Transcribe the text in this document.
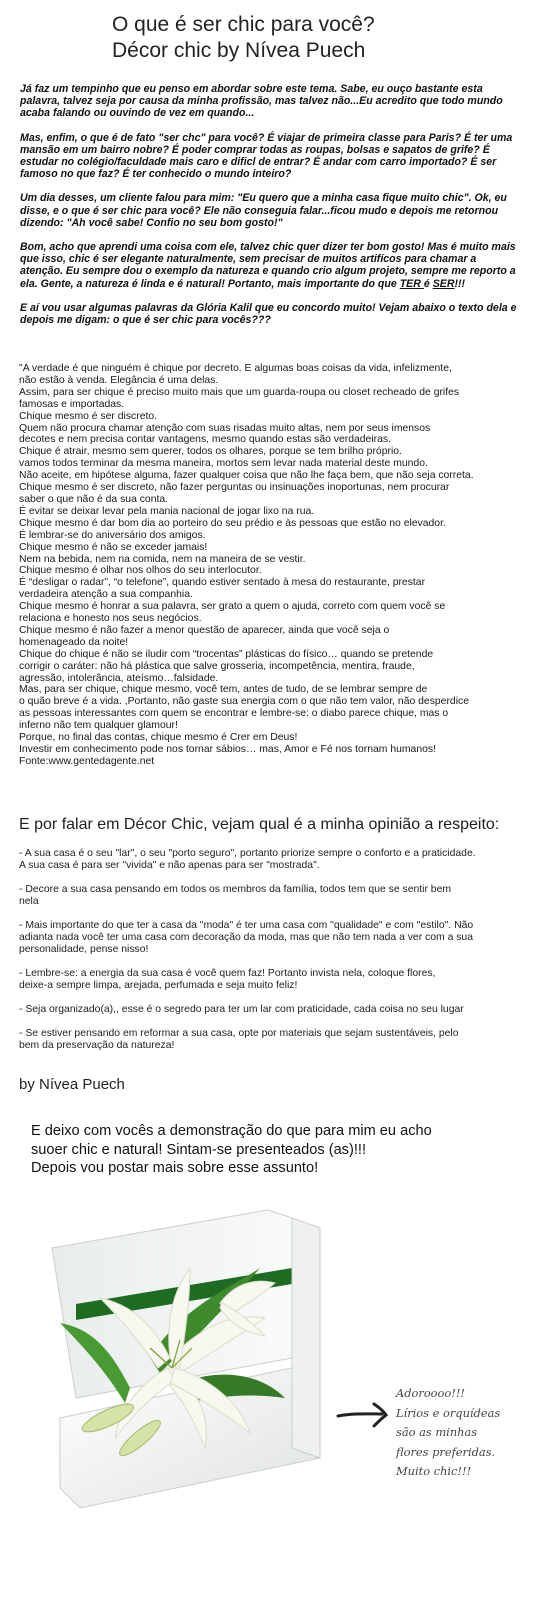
O que é ser chic para você?
Décor chic by Nívea Puech

Já faz um tempinho que eu penso em abordar sobre este tema. Sabe, eu ouço bastante esta palavra, talvez seja por causa da minha profissão, mas talvez não...Eu acredito que todo mundo acaba falando ou ouvindo de vez em quando...

Mas, enfim, o que é de fato "ser chc" para você? É viajar de primeira classe para Paris? É ter uma mansão em um bairro nobre? É poder comprar todas as roupas, bolsas e sapatos de grife? É estudar no colégio/faculdade mais caro e dificl de entrar? É andar com carro importado? É ser famoso no que faz? É ter conhecido o mundo inteiro?

Um dia desses, um cliente falou para mim: "Eu quero que a minha casa fique muito chic". Ok, eu disse, e o que é ser chic para você? Ele não conseguia falar...ficou mudo e depois me retornou dizendo: "Ah você sabe! Confio no seu bom gosto!"

Bom, acho que aprendi uma coisa com ele, talvez chic quer dizer ter bom gosto! Mas é muito mais que isso, chic é ser elegante naturalmente, sem precisar de muitos artifícos para chamar a atenção. Eu sempre dou o exemplo da natureza e quando crio algum projeto, sempre me reporto a ela. Gente, a natureza é linda e é natural! Portanto, mais importante do que TER é SER!!!

E aí vou usar algumas palavras da Glória Kalil que eu concordo muito! Vejam abaixo o texto dela e depois me digam: o que é ser chic para vocês???

"A verdade é que ninguém é chique por decreto. E algumas boas coisas da vida, infelizmente,
não estão à venda. Elegância é uma delas.
Assim, para ser chique é preciso muito mais que um guarda-roupa ou closet recheado de grifes
famosas e importadas.
Chique mesmo é ser discreto.
Quem não procura chamar atenção com suas risadas muito altas, nem por seus imensos
decotes e nem precisa contar vantagens, mesmo quando estas são verdadeiras.
Chique é atrair, mesmo sem querer, todos os olhares, porque se tem brilho próprio.
vamos todos terminar da mesma maneira, mortos sem levar nada material deste mundo.
Não aceite, em hipótese alguma, fazer qualquer coisa que não lhe faça bem, que não seja correta.
Chique mesmo é ser discreto, não fazer perguntas ou insinuações inoportunas, nem procurar
saber o que não é da sua conta.
É evitar se deixar levar pela mania nacional de jogar lixo na rua.
Chique mesmo é dar bom dia ao porteiro do seu prédio e às pessoas que estão no elevador.
É lembrar-se do aniversário dos amigos.
Chique mesmo é não se exceder jamais!
Nem na bebida, nem na comida, nem na maneira de se vestir.
Chique mesmo é olhar nos olhos do seu interlocutor.
É “desligar o radar”, “o telefone”, quando estiver sentado à mesa do restaurante, prestar
verdadeira atenção a sua companhia.
Chique mesmo é honrar a sua palavra, ser grato a quem o ajuda, correto com quem você se
relaciona e honesto nos seus negócios.
Chique mesmo é não fazer a menor questão de aparecer, ainda que você seja o
homenageado da noite!
Chique do chique é não se iludir com “trocentas” plásticas do físico… quando se pretende
corrigir o caráter: não há plástica que salve grosseria, incompetência, mentira, fraude,
agressão, intolerância, ateísmo…falsidade.
Mas, para ser chique, chique mesmo, você tem, antes de tudo, de se lembrar sempre de
o quão breve é a vida. ,Portanto, não gaste sua energia com o que não tem valor, não desperdice
as pessoas interessantes com quem se encontrar e lembre-se: o diabo parece chique, mas o
inferno não tem qualquer glamour!
Porque, no final das contas, chique mesmo é Crer em Deus!
Investir em conhecimento pode nos tornar sábios… mas, Amor e Fé nos tornam humanos!
Fonte:www.gentedagente.net
E por falar em Décor Chic, vejam qual é a minha opinião a respeito:

- A sua casa é o seu "lar", o seu "porto seguro", portanto priorize sempre o conforto e a praticidade.
A sua casa é para ser "vivida" e não apenas para ser "mostrada".

- Decore a sua casa pensando em todos os membros da família, todos tem que se sentir bem
nela

- Mais importante do que ter a casa da "moda" é ter uma casa com "qualidade" e com "estilo". Não
adianta nada você ter uma casa com decoração da moda, mas que não tem nada a ver com a sua
personalidade, pense nisso!

- Lembre-se: a energia da sua casa é você quem faz! Portanto invista nela, coloque flores,
deixe-a sempre limpa, arejada, perfumada e seja muito feliz!

- Seja organizado(a),, esse é o segredo para ter um lar com praticidade, cada coisa no seu lugar

- Se estiver pensando em reformar a sua casa, opte por materiais que sejam sustentáveis, pelo
bem da preservação da natureza!

by Nívea Puech

E deixo com vocês a demonstração do que para mim eu acho
suoer chic e natural! Sintam-se presenteados (as)!!!
Depois vou postar mais sobre esse assunto!
Adoroooo!!!
Lírios e orquídeas
são as minhas
flores preferidas.
Muito chic!!!
